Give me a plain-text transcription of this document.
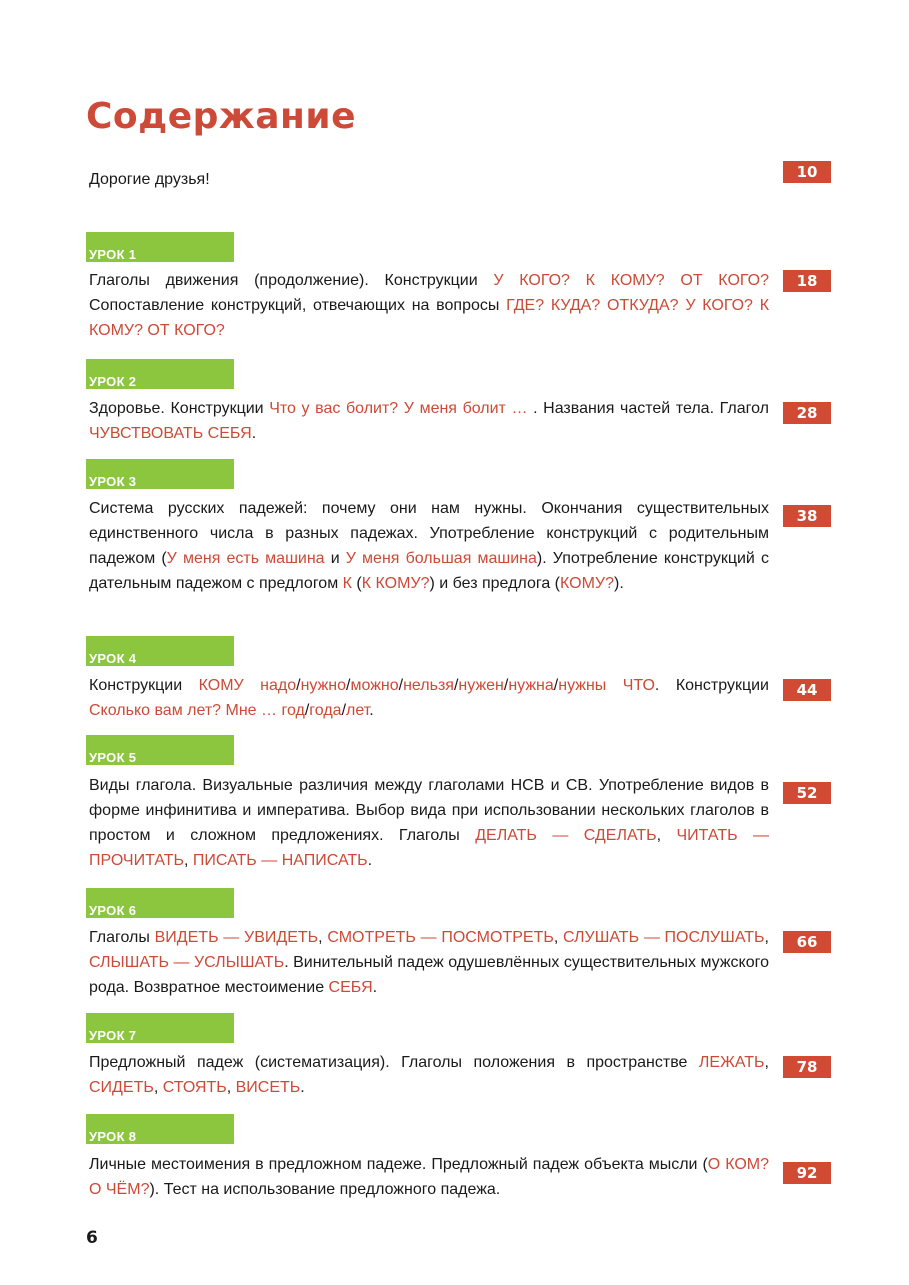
Содержание
Дорогие друзья!	10
УРОК 1

Глаголы движения (продолжение). Конструкции У КОГО? К КОМУ? ОТ КОГО? Сопоставление конструкций, отвечающих на вопросы ГДЕ? КУДА? ОТКУДА? У КОГО? К КОМУ? ОТ КОГО?

18
УРОК 2

Здоровье. Конструкции Что у вас болит? У меня болит … . Названия частей тела. Глагол ЧУВСТВОВАТЬ СЕБЯ.

28
УРОК 3

Система русских падежей: почему они нам нужны. Окончания существительных единственного числа в разных падежах. Употребление конструкций с родительным падежом (У меня есть машина и У меня большая машина). Употребление конструкций с дательным падежом с предлогом К (К КОМУ?) и без предлога (КОМУ?).

38
УРОК 4

Конструкции КОМУ надо/нужно/можно/нельзя/нужен/нужна/нужны ЧТО. Конструкции Сколько вам лет? Мне … год/года/лет.

44
УРОК 5

Виды глагола. Визуальные различия между глаголами НСВ и СВ. Употребление видов в форме инфинитива и императива. Выбор вида при использовании нескольких глаголов в простом и сложном предложениях. Глаголы ДЕЛАТЬ — СДЕЛАТЬ, ЧИТАТЬ — ПРОЧИТАТЬ, ПИСАТЬ — НАПИСАТЬ.

52
УРОК 6

Глаголы ВИДЕТЬ — УВИДЕТЬ, СМОТРЕТЬ — ПОСМОТРЕТЬ, СЛУШАТЬ — ПОСЛУШАТЬ, СЛЫШАТЬ — УСЛЫШАТЬ. Винительный падеж одушевлённых существительных мужского рода. Возвратное местоимение СЕБЯ.

66
УРОК 7

Предложный падеж (систематизация). Глаголы положения в пространстве ЛЕЖАТЬ, СИДЕТЬ, СТОЯТЬ, ВИСЕТЬ.

78
УРОК 8

Личные местоимения в предложном падеже. Предложный падеж объекта мысли (О КОМ? О ЧЁМ?). Тест на использование предложного падежа.

92
6
